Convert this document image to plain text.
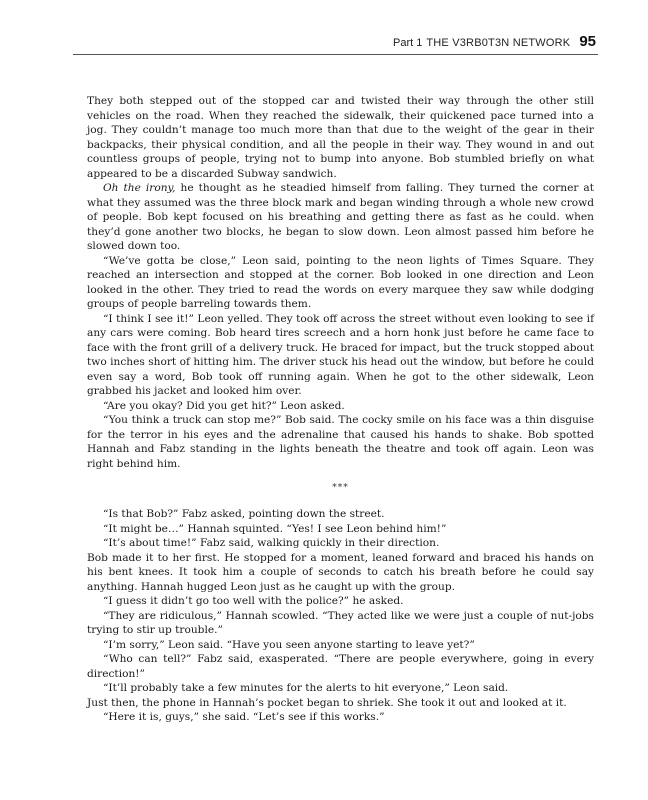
Part 1 THE V3RB0T3N NETWORK 95

They both stepped out of the stopped car and twisted their way through the other still vehicles on the road. When they reached the sidewalk, their quickened pace turned into a jog. They couldn’t manage too much more than that due to the weight of the gear in their backpacks, their physical condition, and all the people in their way. They wound in and out countless groups of people, trying not to bump into anyone. Bob stumbled briefly on what appeared to be a discarded Subway sandwich.

Oh the irony, he thought as he steadied himself from falling. They turned the corner at what they assumed was the three block mark and began winding through a whole new crowd of people. Bob kept focused on his breathing and getting there as fast as he could. when they’d gone another two blocks, he began to slow down. Leon almost passed him before he slowed down too.

“We’ve gotta be close,” Leon said, pointing to the neon lights of Times Square. They reached an intersection and stopped at the corner. Bob looked in one direction and Leon looked in the other. They tried to read the words on every marquee they saw while dodging groups of people barreling towards them.

“I think I see it!” Leon yelled. They took off across the street without even looking to see if any cars were coming. Bob heard tires screech and a horn honk just before he came face to face with the front grill of a delivery truck. He braced for impact, but the truck stopped about two inches short of hitting him. The driver stuck his head out the window, but before he could even say a word, Bob took off running again. When he got to the other sidewalk, Leon grabbed his jacket and looked him over.

“Are you okay? Did you get hit?” Leon asked.

“You think a truck can stop me?” Bob said. The cocky smile on his face was a thin disguise for the terror in his eyes and the adrenaline that caused his hands to shake. Bob spotted Hannah and Fabz standing in the lights beneath the theatre and took off again. Leon was right behind him.

***

“Is that Bob?” Fabz asked, pointing down the street.

“It might be…” Hannah squinted. “Yes! I see Leon behind him!”

“It’s about time!” Fabz said, walking quickly in their direction.

Bob made it to her first. He stopped for a moment, leaned forward and braced his hands on his bent knees. It took him a couple of seconds to catch his breath before he could say anything. Hannah hugged Leon just as he caught up with the group.

“I guess it didn’t go too well with the police?” he asked.

“They are ridiculous,” Hannah scowled. “They acted like we were just a couple of nut-jobs trying to stir up trouble.”

“I’m sorry,” Leon said. “Have you seen anyone starting to leave yet?”

“Who can tell?” Fabz said, exasperated. “There are people everywhere, going in every direction!”

“It’ll probably take a few minutes for the alerts to hit everyone,” Leon said.

Just then, the phone in Hannah’s pocket began to shriek. She took it out and looked at it.

“Here it is, guys,” she said. “Let’s see if this works.”
